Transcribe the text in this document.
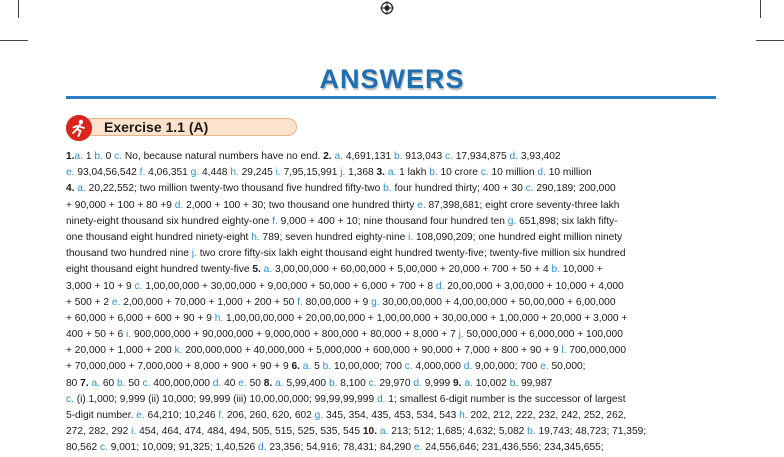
ANSWERS
Exercise 1.1 (A)
1.a. 1 b. 0 c. No, because natural numbers have no end. 2. a. 4,691,131 b. 913,043 c. 17,934,875 d. 3,93,402
e. 93,04,56,542 f. 4,06,351 g. 4,448 h. 29,245 i. 7,95,15,991 j. 1,368 3. a. 1 lakh b. 10 crore c. 10 million d. 10 million
4. a. 20,22,552; two million twenty-two thousand five hundred fifty-two b. four hundred thirty; 400 + 30 c. 290,189; 200,000
+ 90,000 + 100 + 80 +9 d. 2,000 + 100 + 30; two thousand one hundred thirty e. 87,398,681; eight crore seventy-three lakh
ninety-eight thousand six hundred eighty-one f. 9,000 + 400 + 10; nine thousand four hundred ten g. 651,898; six lakh fifty-
one thousand eight hundred ninety-eight h. 789; seven hundred eighty-nine i. 108,090,209; one hundred eight million ninety
thousand two hundred nine j. two crore fifty-six lakh eight thousand eight hundred twenty-five; twenty-five million six hundred
eight thousand eight hundred twenty-five 5. a. 3,00,00,000 + 60,00,000 + 5,00,000 + 20,000 + 700 + 50 + 4 b. 10,000 +
3,000 + 10 + 9 c. 1,00,00,000 + 30,00,000 + 9,00,000 + 50,000 + 6,000 + 700 + 8 d. 20,00,000 + 3,00,000 + 10,000 + 4,000
+ 500 + 2 e. 2,00,000 + 70,000 + 1,000 + 200 + 50 f. 80,00,000 + 9 g. 30,00,00,000 + 4,00,00,000 + 50,00,000 + 6,00,000
+ 60,000 + 6,000 + 600 + 90 + 9 h. 1,00,00,00,000 + 20,00,00,000 + 1,00,00,000 + 30,00,000 + 1,00,000 + 20,000 + 3,000 +
400 + 50 + 6 i. 900,000,000 + 90,000,000 + 9,000,000 + 800,000 + 80,000 + 8,000 + 7 j. 50,000,000 + 6,000,000 + 100,000
+ 20,000 + 1,000 + 200 k. 200,000,000 + 40,000,000 + 5,000,000 + 600,000 + 90,000 + 7,000 + 800 + 90 + 9 l. 700,000,000
+ 70,000,000 + 7,000,000 + 8,000 + 900 + 90 + 9 6. a. 5 b. 10,00,000; 700 c. 4,000,000 d. 9,00,000; 700 e. 50,000;
80 7. a. 60 b. 50 c. 400,000,000 d. 40 e. 50 8. a. 5,99,400 b. 8,100 c. 29,970 d. 9,999 9. a. 10,002 b. 99,987
c. (i) 1,000; 9,999 (ii) 10,000; 99,999 (iii) 10,00,00,000; 99,99,99,999 d. 1; smallest 6-digit number is the successor of largest
5-digit number. e. 64,210; 10,246 f. 206, 260, 620, 602 g. 345, 354, 435, 453, 534, 543 h. 202, 212, 222, 232, 242, 252, 262,
272, 282, 292 i. 454, 464, 474, 484, 494, 505, 515, 525, 535, 545 10. a. 213; 512; 1,685; 4,632; 5,082 b. 19,743; 48,723; 71,359;
80,562 c. 9,001; 10,009; 91,325; 1,40,526 d. 23,356; 54,916; 78,431; 84,290 e. 24,556,646; 231,436,556; 234,345,655;
